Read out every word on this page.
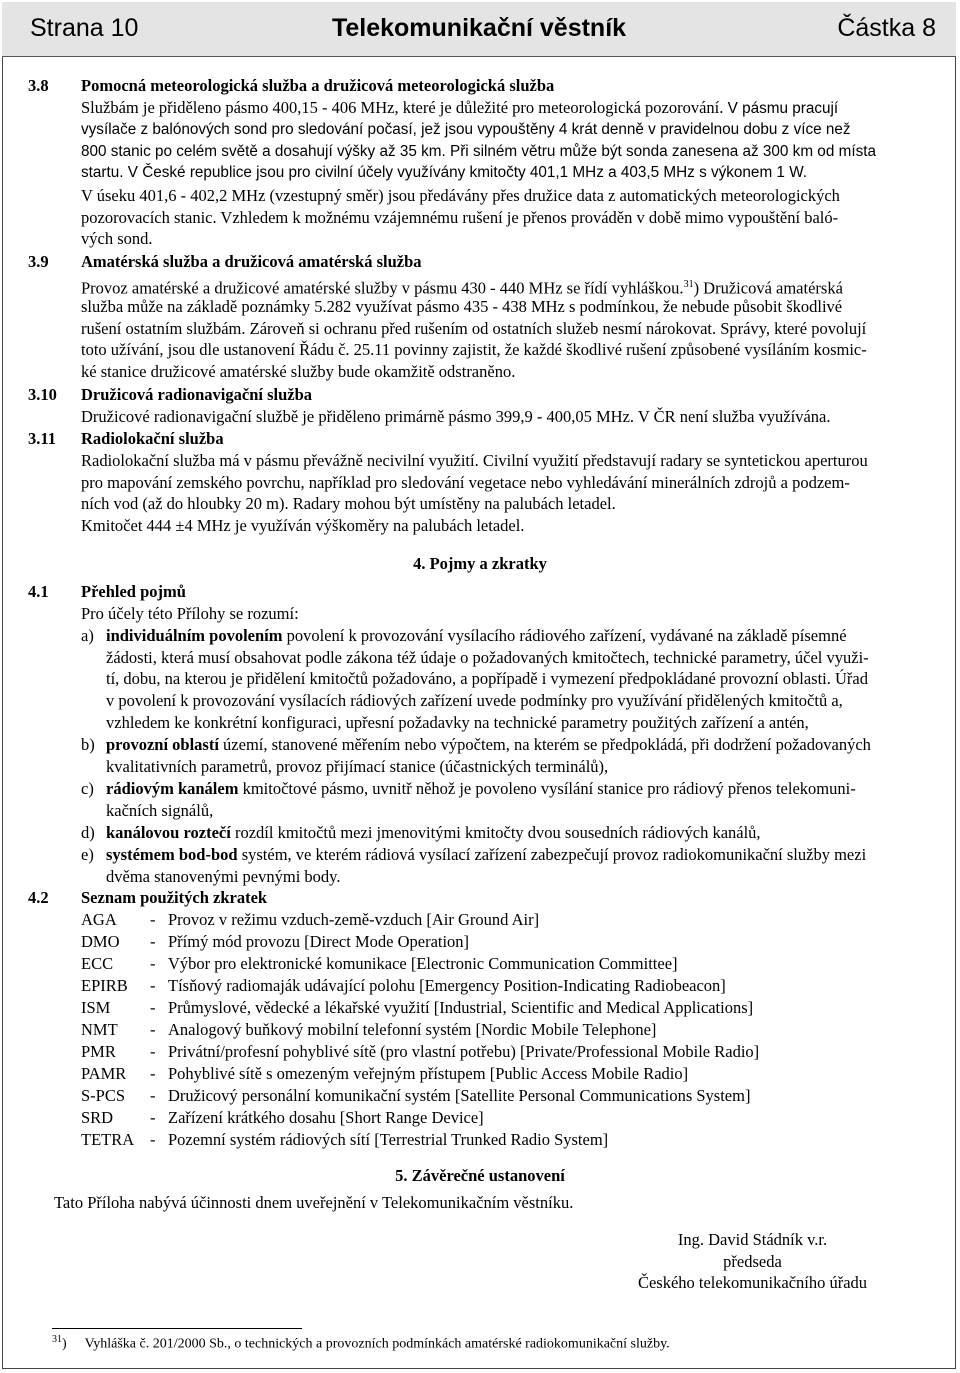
Telekomunikační věstník
Strana 10	Částka 8
3.8 Pomocná meteorologická služba a družicová meteorologická služba
Službám je přiděleno pásmo 400,15 - 406 MHz, které je důležité pro meteorologická pozorování. V pásmu pracují
vysílače z balónových sond pro sledování počasí, jež jsou vypouštěny 4 krát denně v pravidelnou dobu z více než
800 stanic po celém světě a dosahují výšky až 35 km. Při silném větru může být sonda zanesena až 300 km od místa
startu. V České republice jsou pro civilní účely využívány kmitočty 401,1 MHz a 403,5 MHz s výkonem 1 W.
V úseku 401,6 - 402,2 MHz (vzestupný směr) jsou předávány přes družice data z automatických meteorologických
pozorovacích stanic. Vzhledem k možnému vzájemnému rušení je přenos prováděn v době mimo vypouštění baló-
vých sond.
3.9 Amatérská služba a družicová amatérská služba
Provoz amatérské a družicové amatérské služby v pásmu 430 - 440 MHz se řídí vyhláškou.$^{31}$) Družicová amatérská
služba může na základě poznámky 5.282 využívat pásmo 435 - 438 MHz s podmínkou, že nebude působit škodlivé
rušení ostatním službám. Zároveň si ochranu před rušením od ostatních služeb nesmí nárokovat. Správy, které povolují
toto užívání, jsou dle ustanovení Řádu č. 25.11 povinny zajistit, že každé škodlivé rušení způsobené vysíláním kosmic-
ké stanice družicové amatérské služby bude okamžitě odstraněno.
3.10 Družicová radionavigační služba
Družicové radionavigační službě je přiděleno primárně pásmo 399,9 - 400,05 MHz. V ČR není služba využívána.
3.11 Radiolokační služba
Radiolokační služba má v pásmu převážně necivilní využití. Civilní využití představují radary se syntetickou aperturou
pro mapování zemského povrchu, například pro sledování vegetace nebo vyhledávání minerálních zdrojů a podzem-
ních vod (až do hloubky 20 m). Radary mohou být umístěny na palubách letadel.
Kmitočet 444 ±4 MHz je využíván výškoměry na palubách letadel.
4. Pojmy a zkratky
4.1 Přehled pojmů
Pro účely této Přílohy se rozumí:
a) individuálním povolením povolení k provozování vysílacího rádiového zařízení, vydávané na základě písemné
žádosti, která musí obsahovat podle zákona též údaje o požadovaných kmitočtech, technické parametry, účel využi-
tí, dobu, na kterou je přidělení kmitočtů požadováno, a popřípadě i vymezení předpokládané provozní oblasti. Úřad
v povolení k provozování vysílacích rádiových zařízení uvede podmínky pro využívání přidělených kmitočtů a,
vzhledem ke konkrétní konfiguraci, upřesní požadavky na technické parametry použitých zařízení a antén,
b) provozní oblastí území, stanovené měřením nebo výpočtem, na kterém se předpokládá, při dodržení požadovaných
kvalitativních parametrů, provoz přijímací stanice (účastnických terminálů),
c) rádiovým kanálem kmitočtové pásmo, uvnitř něhož je povoleno vysílání stanice pro rádiový přenos telekomuni-
kačních signálů,
d) kanálovou roztečí rozdíl kmitočtů mezi jmenovitými kmitočty dvou sousedních rádiových kanálů,
e) systémem bod-bod systém, ve kterém rádiová vysílací zařízení zabezpečují provoz radiokomunikační služby mezi
dvěma stanovenými pevnými body.
4.2 Seznam použitých zkratek
AGA - Provoz v režimu vzduch-země-vzduch [Air Ground Air]
DMO - Přímý mód provozu [Direct Mode Operation]
ECC - Výbor pro elektronické komunikace [Electronic Communication Committee]
EPIRB - Tísňový radiomaják udávající polohu [Emergency Position-Indicating Radiobeacon]
ISM - Průmyslové, vědecké a lékařské využití [Industrial, Scientific and Medical Applications]
NMT - Analogový buňkový mobilní telefonní systém [Nordic Mobile Telephone]
PMR - Privátní/profesní pohyblivé sítě (pro vlastní potřebu) [Private/Professional Mobile Radio]
PAMR - Pohyblivé sítě s omezeným veřejným přístupem [Public Access Mobile Radio]
S-PCS - Družicový personální komunikační systém [Satellite Personal Communications System]
SRD - Zařízení krátkého dosahu [Short Range Device]
TETRA - Pozemní systém rádiových sítí [Terrestrial Trunked Radio System]
5. Závěrečné ustanovení
Tato Příloha nabývá účinnosti dnem uveřejnění v Telekomunikačním věstníku.
Ing. David Stádník v.r.
předseda
Českého telekomunikačního úřadu
$^{31}$) Vyhláška č. 201/2000 Sb., o technických a provozních podmínkách amatérské radiokomunikační služby.
